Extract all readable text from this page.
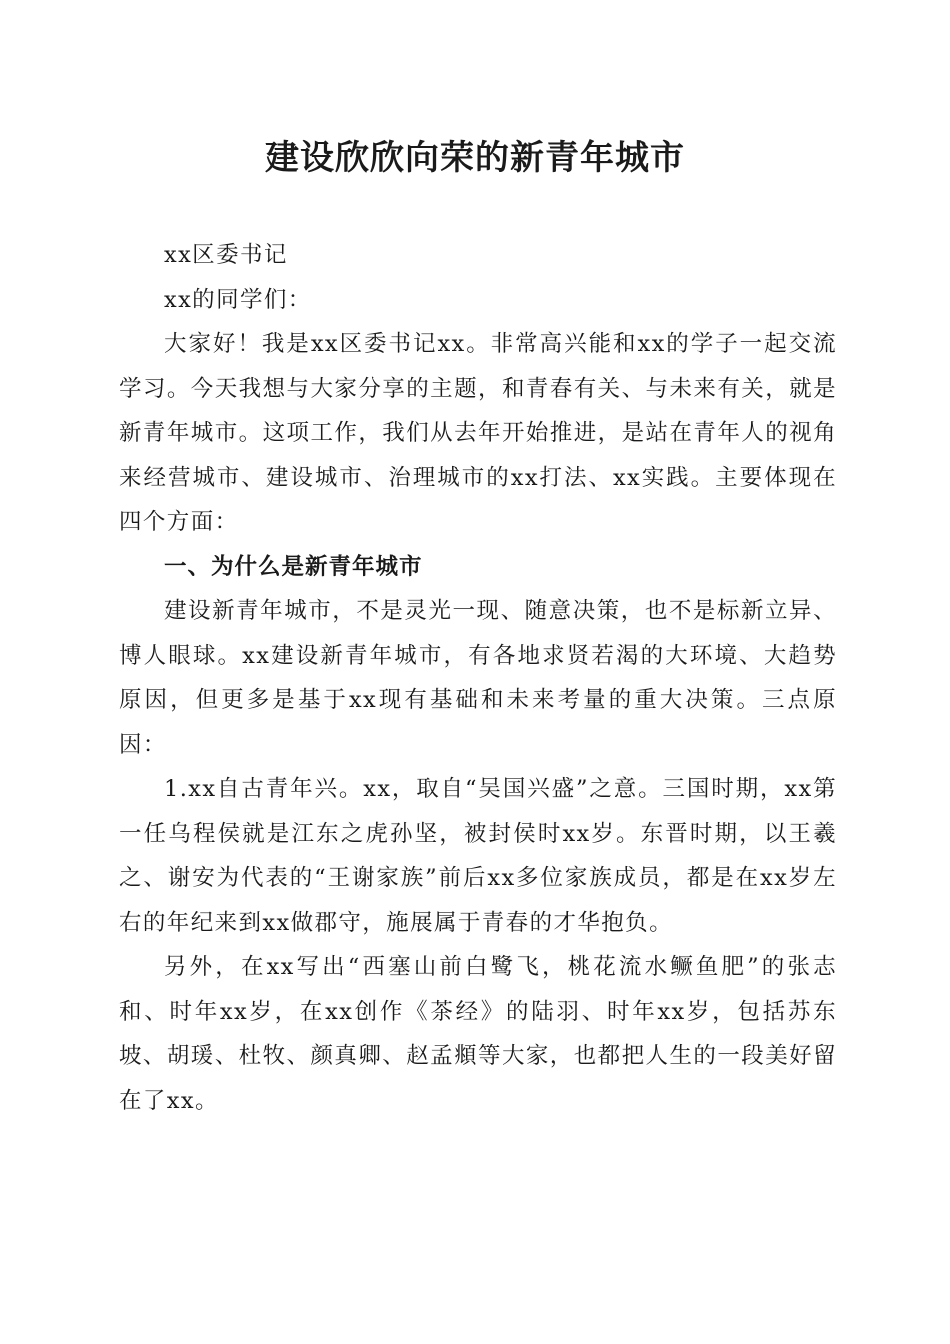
建设欣欣向荣的新青年城市

xx区委书记

xx的同学们：

大家好！我是xx区委书记xx。非常高兴能和xx的学子一起交流学习。今天我想与大家分享的主题，和青春有关、与未来有关，就是新青年城市。这项工作，我们从去年开始推进，是站在青年人的视角来经营城市、建设城市、治理城市的xx打法、xx实践。主要体现在四个方面：

一、为什么是新青年城市

建设新青年城市，不是灵光一现、随意决策，也不是标新立异、博人眼球。xx建设新青年城市，有各地求贤若渴的大环境、大趋势原因，但更多是基于xx现有基础和未来考量的重大决策。三点原因：

1.xx自古青年兴。xx，取自“吴国兴盛”之意。三国时期，xx第一任乌程侯就是江东之虎孙坚，被封侯时xx岁。东晋时期，以王羲之、谢安为代表的“王谢家族”前后xx多位家族成员，都是在xx岁左右的年纪来到xx做郡守，施展属于青春的才华抱负。

另外，在xx写出“西塞山前白鹭飞，桃花流水鳜鱼肥”的张志和、时年xx岁，在xx创作《茶经》的陆羽、时年xx岁，包括苏东坡、胡瑗、杜牧、颜真卿、赵孟頫等大家，也都把人生的一段美好留在了xx。
